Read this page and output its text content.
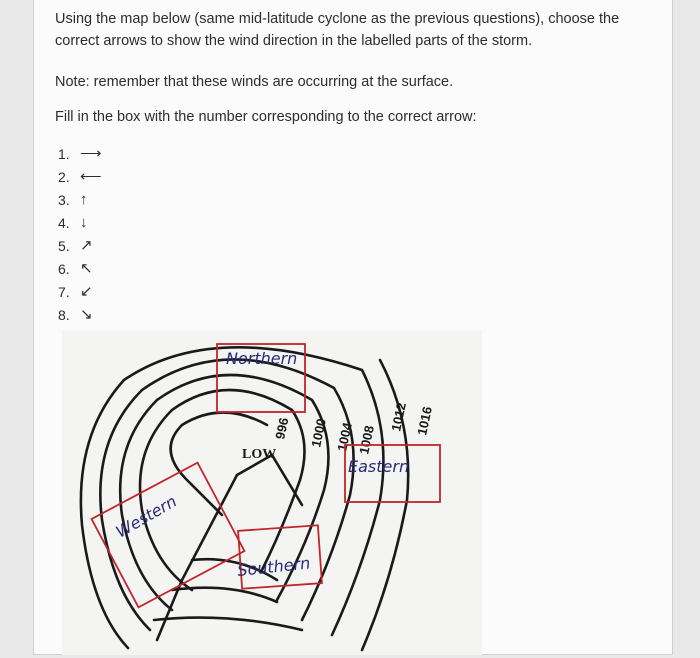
Using the map below (same mid-latitude cyclone as the previous questions), choose the correct arrows to show the wind direction in the labelled parts of the storm.
Note: remember that these winds are occurring at the surface.
Fill in the box with the number corresponding to the correct arrow:
1. ⟶
2. ⟵
3. ↑
4. ↓
5. ↗
6. ↖
7. ↙
8. ↘
996 1000 1004 1008
1012 1016
LOW
Northern
Eastern
Southern
Western
